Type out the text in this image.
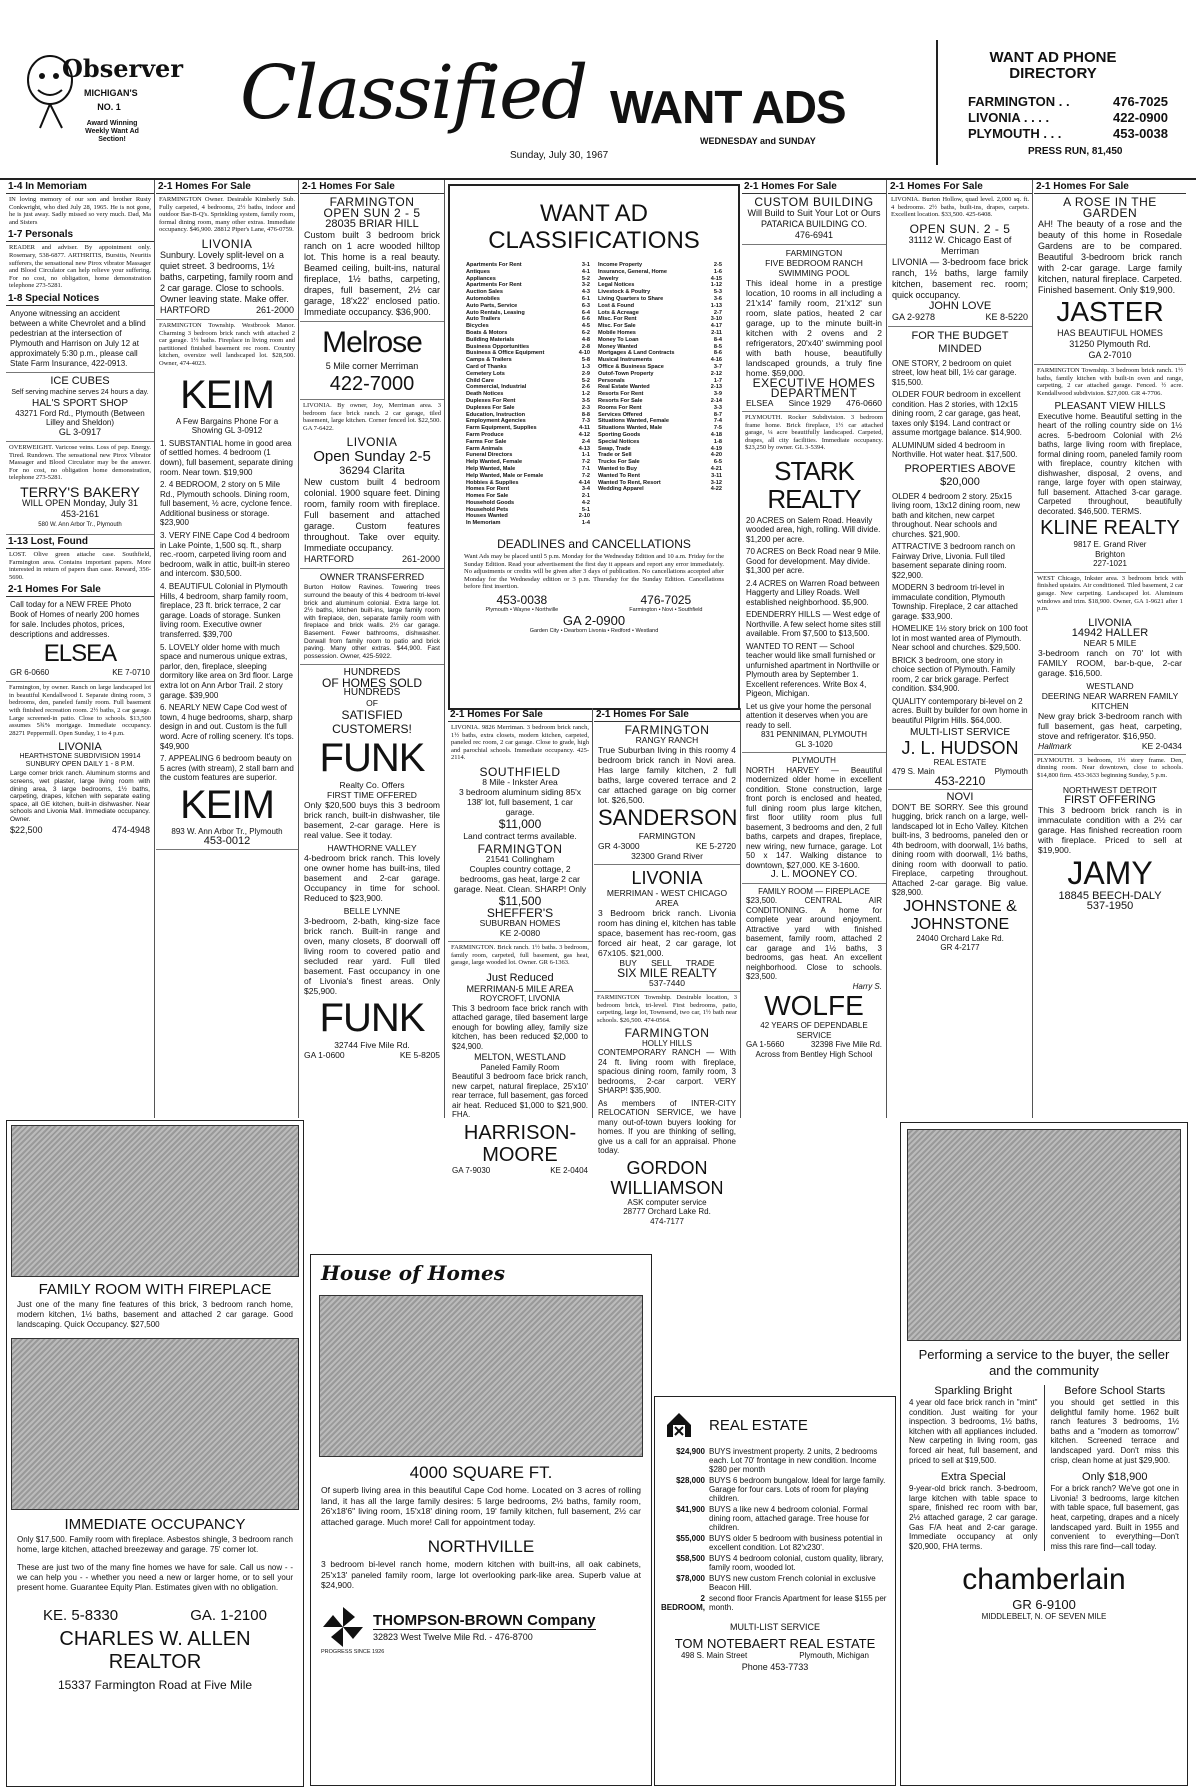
Observer
MICHIGAN'S NO. 1
Award Winning Weekly Want Ad Section!
Classified WANT ADS
WEDNESDAY and SUNDAY
Sunday, July 30, 1967
WANT AD PHONE DIRECTORY
FARMINGTON . .	476-7025
LIVONIA . . . .	422-0900
PLYMOUTH . . .	453-0038
PRESS RUN, 81,450
1-4 In Memoriam
IN loving memory of our son and brother Rusty Conkwright, who died July 28, 1965. He is not gone, he is just away. Sadly missed so very much. Dad, Ma and Sisters
1-7 Personals
READER and adviser. By appointment only. Rosemary, 538-6877. ARTHRITIS, Bursitis, Neuritis sufferers, the sensational new Pirox vibrator Massager and Blood Circulator can help relieve your suffering. For no cost, no obligation, home demonstration telephone 273-5281.
1-8 Special Notices
Anyone witnessing an accident between a white Chevrolet and a blind pedestrian at the intersection of Plymouth and Harrison on July 12 at approximately 5:30 p.m., please call State Farm Insurance, 422-0913.
ICE CUBES
Self serving machine serves 24 hours a day.
HAL'S SPORT SHOP
43271 Ford Rd., Plymouth (Between Lilley and Sheldon)
GL 3-0917
OVERWEIGHT. Varicose veins. Loss of pep. Energy. Tired. Rundown. The sensational new Pirox Vibrator Massager and Blood Circulator may be the answer. For no cost, no obligation home demonstration, telephone 273-5281.
TERRY'S BAKERY
WILL OPEN Monday, July 31
453-2161
580 W. Ann Arbor Tr., Plymouth
1-13 Lost, Found
LOST. Olive green attache case. Southfield, Farmington area. Contains important papers. More interested in return of papers than case. Reward, 356-5690.
2-1 Homes For Sale
Call today for a NEW FREE Photo Book of Homes of nearly 200 homes for sale. Includes photos, prices, descriptions and addresses.
ELSEA
GR 6-0660	KE 7-0710
Farmington, by owner. Ranch on large landscaped lot in beautiful Kendallwood I. Separate dining room, 3 bedrooms, den, paneled family room. Full basement with finished recreation room. 2½ baths, 2 car garage. Large screened-in patio. Close to schools. $13,500 assumes 5¾% mortgage. Immediate occupancy. 28271 Peppermill. Open Sunday, 1 to 4 p.m.
LIVONIA
HEARTHSTONE SUBDIVISION 19914 SUNBURY OPEN DAILY 1 - 8 P.M.
Large corner brick ranch. Aluminum storms and screens, wet plaster, large living room with dining area, 3 large bedrooms, 1½ baths, carpeting, drapes, kitchen with separate eating space, all GE kitchen, built-in dishwasher. Near schools and Livonia Mall. Immediate occupancy. Owner.
$22,500	474-4948
2-1 Homes For Sale
FARMINGTON Owner. Desirable Kimberly Sub. Fully carpeted, 4 bedrooms, 2½ baths, indoor and outdoor Bar-B-Q's. Sprinkling system, family room, formal dining room, many other extras. Immediate occupancy. $46,900. 28812 Piper's Lane, 476-0759.
LIVONIA
Sunbury. Lovely split-level on a quiet street. 3 bedrooms, 1½ baths, carpeting, family room and 2 car garage. Close to schools. Owner leaving state. Make offer.
HARTFORD	261-2000
FARMINGTON Township. Westbrook Manor. Charming 3 bedroom brick ranch with attached 2 car garage. 1½ baths. Fireplace in living room and partitioned finished basement rec room. Country kitchen, oversize well landscaped lot. $28,500. Owner, 474-4023.
KEIM
A Few Bargains Phone For a Showing GL 3-0912
1. SUBSTANTIAL home in good area of settled homes. 4 bedroom (1 down), full basement, separate dining room. Near town. $19,900
2. 4 BEDROOM, 2 story on 5 Mile Rd., Plymouth schools. Dining room, full basement, ½ acre, cyclone fence. Additional business or storage. $23,900
3. VERY FINE Cape Cod 4 bedroom in Lake Pointe, 1,500 sq. ft., sharp rec.-room, carpeted living room and bedroom, walk in attic, built-in stereo and intercom. $30,500.
4. BEAUTIFUL Colonial in Plymouth Hills, 4 bedroom, sharp family room, fireplace, 23 ft. brick terrace, 2 car garage. Loads of storage. Sunken living room. Executive owner transferred. $39,700
5. LOVELY older home with much space and numerous unique extras, parlor, den, fireplace, sleeping dormitory like area on 3rd floor. Large extra lot on Ann Arbor Trail. 2 story garage. $39,900
6. NEARLY NEW Cape Cod west of town, 4 huge bedrooms, sharp, sharp design in and out. Custom is the full word. Acre of rolling scenery. It's tops. $49,900
7. APPEALING 6 bedroom beauty on 5 acres (with stream), 2 stall barn and the custom features are superior.
KEIM
893 W. Ann Arbor Tr., Plymouth
453-0012
2-1 Homes For Sale
FARMINGTON
OPEN SUN 2 - 5
28035 BRIAR HILL
Custom built 3 bedroom brick ranch on 1 acre wooded hilltop lot. This home is a real beauty. Beamed ceiling, built-ins, natural fireplace, 1½ baths, carpeting, drapes, full basement, 2½ car garage, 18'x22' enclosed patio. Immediate occupancy. $36,900.
Melrose
5 Mile corner Merriman
422-7000
LIVONIA. By owner, Joy, Merriman area. 3 bedroom face brick ranch. 2 car garage, tiled basement, large kitchen. Corner fenced lot. $22,500. GA 7-6422.
LIVONIA
Open Sunday 2-5
36294 Clarita
New custom built 4 bedroom colonial. 1900 square feet. Dining room, family room with fireplace. Full basement and attached garage. Custom features throughout. Take over equity. Immediate occupancy.
HARTFORD	261-2000
OWNER TRANSFERRED
Burton Hollow Ravines. Towering trees surround the beauty of this 4 bedroom tri-level brick and aluminum colonial. Extra large lot. 2½ baths, kitchen built-ins, large family room with fireplace, den, separate family room with fireplace and brick walls. 2½ car garage. Basement. Fewer bathrooms, dishwasher. Dorwall from family room to patio and brick paving. Many other extras. $44,900. Fast possession. Owner, 425-5922.
HUNDREDS
OF HOMES SOLD
HUNDREDS
OF
SATISFIED CUSTOMERS!
FUNK
Realty Co. Offers
FIRST TIME OFFERED
Only $20,500 buys this 3 bedroom brick ranch, built-in dishwasher, tile basement, 2-car garage. Here is real value. See it today.
HAWTHORNE VALLEY
4-bedroom brick ranch. This lovely one owner home has built-ins, tiled basement and 2-car garage. Occupancy in time for school. Reduced to $23,900.
BELLE LYNNE
3-bedroom, 2-bath, king-size face brick ranch. Built-in range and oven, many closets, 8' doorwall off living room to covered patio and secluded rear yard. Full tiled basement. Fast occupancy in one of Livonia's finest areas. Only $25,900.
FUNK
32744 Five Mile Rd.
GA 1-0600	KE 5-8205
WANT AD CLASSIFICATIONS
Apartments For Rent	3-1
Antiques	4-1
Appliances	5-2
Apartments For Rent	3-2
Auction Sales	4-3
Automobiles	6-1
Auto Parts, Service	6-3
Auto Rentals, Leasing	6-4
Auto Trailers	6-6
Bicycles	4-5
Boats & Motors	6-2
Building Materials	4-8
Business Opportunities	2-8
Business & Office Equipment	4-10
Camps & Trailers	5-8
Card of Thanks	1-3
Cemetery Lots	2-9
Child Care	5-2
Commercial, Industrial	2-6
Death Notices	1-2
Duplexes For Rent	3-5
Duplexes For Sale	2-3
Education, Instruction	8-8
Employment Agencies	7-3
Farm Equipment, Supplies	4-11
Farm Produce	4-12
Farms For Sale	2-4
Farm Animals	4-13
Funeral Directors	1-1
Help Wanted, Female	7-2
Help Wanted, Male	7-1
Help Wanted, Male or Female	7-2
Hobbies & Supplies	4-14
Homes For Rent	3-4
Homes For Sale	2-1
Household Goods	4-2
Household Pets	5-1
Houses Wanted	2-10
In Memoriam	1-4
Income Property	2-5
Insurance, General, Home	1-6
Jewelry	4-15
Legal Notices	1-12
Livestock & Poultry	5-3
Living Quarters to Share	3-6
Lost & Found	1-13
Lots & Acreage	2-7
Misc. For Rent	3-10
Misc. For Sale	4-17
Mobile Homes	2-11
Money To Loan	8-4
Money Wanted	8-5
Mortgages & Land Contracts	8-6
Musical Instruments	4-16
Office & Business Space	3-7
Outof-Town Property	2-12
Personals	1-7
Real Estate Wanted	2-13
Resorts For Rent	3-9
Resorts For Sale	2-14
Rooms For Rent	3-3
Services Offered	8-7
Situations Wanted, Female	7-4
Situations Wanted, Male	7-5
Sporting Goods	4-18
Special Notices	1-8
Swap, Trade	4-19
Trade or Sell	4-20
Trucks For Sale	6-5
Wanted to Buy	4-21
Wanted To Rent	3-11
Wanted To Rent, Resort	3-12
Wedding Apparel	4-22
DEADLINES and CANCELLATIONS
Want Ads may be placed until 5 p.m. Monday for the Wednesday Edition and 10 a.m. Friday for the Sunday Edition. Read your advertisement the first day it appears and report any error immediately. No adjustments or credits will be given after 3 days of publication. No cancellations accepted after Monday for the Wednesday edition or 3 p.m. Thursday for the Sunday Edition. Cancellations before first insertion.
453-0038
Plymouth • Wayne • Northville
476-7025
Farmington • Novi • Southfield
GA 2-0900
Garden City • Dearborn Livonia • Redford • Westland
2-1 Homes For Sale
LIVONIA. 9826 Merriman. 3 bedroom brick ranch, 1½ baths, extra closets, modern kitchen, carpeted, paneled rec room, 2 car garage. Close to grade, high and parochial schools. Immediate occupancy. 425-2114.
SOUTHFIELD
8 Mile - Inkster Area
3 bedroom aluminum siding 85'x 138' lot, full basement, 1 car garage.
$11,000
Land contract terms available.
FARMINGTON
21541 Collingham
Couples country cottage, 2 bedrooms, gas heat, large 2 car garage. Neat. Clean. SHARP! Only
$11,500
SHEFFER'S
SUBURBAN HOMES
KE 2-0080
FARMINGTON. Brick ranch. 1½ baths. 3 bedroom, family room, carpeted, full basement, gas heat, garage, large wooded lot. Owner. GR 6-1363.
Just Reduced
MERRIMAN-5 MILE AREA
ROYCROFT, LIVONIA
This 3 bedroom face brick ranch with attached garage, tiled basement large enough for bowling alley, family size kitchen, has been reduced $2,000 to $24,900.
MELTON, WESTLAND
Paneled Family Room
Beautiful 3 bedroom face brick ranch, new carpet, natural fireplace, 25'x10' rear terrace, full basement, gas forced air heat. Reduced $1,000 to $21,900. FHA.
HARRISON-MOORE
GA 7-9030	KE 2-0404
2-1 Homes For Sale
FARMINGTON
RANGY RANCH
True Suburban living in this roomy 4 bedroom brick ranch in Novi area. Has large family kitchen, 2 full baths, large covered terrace and 2 car attached garage on big corner lot. $26,500.
SANDERSON
FARMINGTON
GR 4-3000	KE 5-2720
32300 Grand River
LIVONIA
MERRIMAN - WEST CHICAGO AREA
3 Bedroom brick ranch. Livonia room has dining el, kitchen has table space, basement has rec-room, gas forced air heat, 2 car garage, lot 67x105. $21,000.
BUY SELL TRADE
SIX MILE REALTY
537-7440
FARMINGTON Township. Desirable location, 3 bedroom brick, tri-level. First bedrooms, patio, carpeting, large lot, Townsend, two car, 1½ bath near schools. $26,500. 474-0564.
FARMINGTON
HOLLY HILLS
CONTEMPORARY RANCH — With 24 ft. living room with fireplace, spacious dining room, family room, 3 bedrooms, 2-car carport. VERY SHARP! $35,900.
As members of INTER-CITY RELOCATION SERVICE, we have many out-of-town buyers looking for homes. If you are thinking of selling, give us a call for an appraisal. Phone today.
GORDON WILLIAMSON
ASK computer service
28777 Orchard Lake Rd.
474-7177
2-1 Homes For Sale
CUSTOM BUILDING
Will Build to Suit Your Lot or Ours
PATARICA BUILDING CO.
476-6941
FARMINGTON
FIVE BEDROOM RANCH
SWIMMING POOL
This ideal home in a prestige location, 10 rooms in all including a 21'x14' family room, 21'x12' sun room, slate patios, heated 2 car garage, up to the minute built-in kitchen with 2 ovens and 2 refrigerators, 20'x40' swimming pool with bath house, beautifully landscaped grounds, a truly fine home. $59,000.
EXECUTIVE HOMES DEPARTMENT
ELSEA Since 1929 476-0660
PLYMOUTH. Rocker Subdivision. 3 bedroom frame home. Brick fireplace, 1½ car attached garage, ¼ acre beautifully landscaped. Carpeted, drapes, all city facilities. Immediate occupancy. $23,250 by owner. GL 3-5394.
STARK REALTY
20 ACRES on Salem Road. Heavily wooded area, high, rolling. Will divide. $1,200 per acre.
70 ACRES on Beck Road near 9 Mile. Good for development. May divide. $1,300 per acre.
2.4 ACRES on Warren Road between Haggerty and Lilley Roads. Well established neighborhood. $5,900.
EDENDERRY HILLS — West edge of Northville. A few select home sites still available. From $7,500 to $13,500.
WANTED TO RENT — School teacher would like small furnished or unfurnished apartment in Northville or Plymouth area by September 1. Excellent references. Write Box 4, Pigeon, Michigan.
Let us give your home the personal attention it deserves when you are ready to sell.
831 PENNIMAN, PLYMOUTH
GL 3-1020
PLYMOUTH
NORTH HARVEY — Beautiful modernized older home in excellent condition. Stone construction, large front porch is enclosed and heated, full dining room plus large kitchen, first floor utility room plus full basement, 3 bedrooms and den, 2 full baths, carpets and drapes, fireplace, new wiring, new furnace, garage. Lot 50 x 147. Walking distance to downtown, $27,000. KE 3-1600.
J. L. MOONEY CO.
FAMILY ROOM — FIREPLACE
$23,500. CENTRAL AIR CONDITIONING. A home for complete year around enjoyment. Attractive yard with finished basement, family room, attached 2 car garage and 1½ baths, 3 bedrooms, gas heat. An excellent neighborhood. Close to schools. $23,500.
Harry S.
WOLFE
42 YEARS OF DEPENDABLE SERVICE
GA 1-5660	32398 Five Mile Rd.
Across from Bentley High School
2-1 Homes For Sale
LIVONIA. Burton Hollow, quad level. 2,000 sq. ft. 4 bedrooms. 2½ baths, built-ins, drapes, carpets. Excellent location. $33,500. 425-6408.
OPEN SUN. 2 - 5
31112 W. Chicago East of Merriman
LIVONIA — 3-bedroom face brick ranch, 1½ baths, large family kitchen, basement rec. room; quick occupancy.
JOHN LOVE
GA 2-9278	KE 8-5220
FOR THE BUDGET MINDED
ONE STORY, 2 bedroom on quiet street, low heat bill, 1½ car garage. $15,500.
OLDER FOUR bedroom in excellent condition. Has 2 stories, with 12x15 dining room, 2 car garage, gas heat, taxes only $194. Land contract or assume mortgage balance. $14,900.
ALUMINUM sided 4 bedroom in Northville. Hot water heat. $17,500.
PROPERTIES ABOVE $20,000
OLDER 4 bedroom 2 story. 25x15 living room, 13x12 dining room, new bath and kitchen, new carpet throughout. Near schools and churches. $21,900.
ATTRACTIVE 3 bedroom ranch on Fairway Drive, Livonia. Full tiled basement separate dining room. $22,900.
MODERN 3 bedroom tri-level in immaculate condition, Plymouth Township. Fireplace, 2 car attached garage. $33,900.
HOMELIKE 1½ story brick on 100 foot lot in most wanted area of Plymouth. Near school and churches. $29,500.
BRICK 3 bedroom, one story in choice section of Plymouth. Family room, 2 car brick garage. Perfect condition. $34,900.
QUALITY contemporary bi-level on 2 acres. Built by builder for own home in beautiful Pilgrim Hills. $64,000.
MULTI-LIST SERVICE
J. L. HUDSON
REAL ESTATE
479 S. Main	Plymouth
453-2210
NOVI
DON'T BE SORRY. See this ground hugging, brick ranch on a large, well-landscaped lot in Echo Valley. Kitchen built-ins, 3 bedrooms, paneled den or 4th bedroom, with doorwall, 1½ baths, dining room with doorwall, 1½ baths, dining room with doorwall to patio. Fireplace, carpeting throughout. Attached 2-car garage. Big value. $28,900.
JOHNSTONE & JOHNSTONE
24040 Orchard Lake Rd.
GR 4-2177
2-1 Homes For Sale
A ROSE IN THE GARDEN
AH! The beauty of a rose and the beauty of this home in Rosedale Gardens are to be compared. Beautiful 3-bedroom brick ranch with 2-car garage. Large family kitchen, natural fireplace. Carpeted. Finished basement. Only $19,900.
JASTER
HAS BEAUTIFUL HOMES
31250 Plymouth Rd.
GA 2-7010
FARMINGTON Township. 3 bedroom brick ranch. 1½ baths, family kitchen with built-in oven and range, carpeting, 2 car attached garage. Fenced. ½ acre. Kendallwood subdivision. $27,000. GR 4-7706.
PLEASANT VIEW HILLS
Executive home. Beautiful setting in the heart of the rolling country side on 1½ acres. 5-bedroom Colonial with 2½ baths, large living room with fireplace, formal dining room, paneled family room with fireplace, country kitchen with dishwasher, disposal, 2 ovens, and range, large foyer with open stairway, full basement. Attached 3-car garage. Carpeted throughout, beautifully decorated. $46,500. TERMS.
KLINE REALTY
9817 E. Grand River
Brighton
227-1021
WEST Chicago, Inkster area. 3 bedroom brick with finished upstairs. Air conditioned. Tiled basement, 2 car garage. New carpeting. Landscaped lot. Aluminum windows and trim. $18,900. Owner, GA 1-9621 after 1 p.m.
LIVONIA
14942 HALLER
NEAR 5 MILE
3-bedroom ranch on 70' lot with FAMILY ROOM, bar-b-que, 2-car garage. $16,500.
WESTLAND
DEERING NEAR WARREN FAMILY KITCHEN
New gray brick 3-bedroom ranch with full basement, gas heat, carpeting, stove and refrigerator. $16,950.
Hallmark	KE 2-0434
PLYMOUTH. 3 bedroom, 1½ story frame. Den, dinning room. Near downtown, close to schools. $14,800 firm. 453-3633 beginning Sunday, 5 p.m.
NORTHWEST DETROIT
FIRST OFFERING
This 3 bedroom brick ranch is in immaculate condition with a 2½ car garage. Has finished recreation room with fireplace. Priced to sell at $19,900.
JAMY
18845 BEECH-DALY
537-1950
FAMILY ROOM WITH FIREPLACE
Just one of the many fine features of this brick, 3 bedroom ranch home, modern kitchen, 1½ baths, basement and attached 2 car garage. Good landscaping. Quick Occupancy. $27,500
IMMEDIATE OCCUPANCY
Only $17,500. Family room with fireplace. Asbestos shingle, 3 bedroom ranch home, large kitchen, attached breezeway and garage. 75' corner lot.
These are just two of the many fine homes we have for sale. Call us now - - we can help you - - whether you need a new or larger home, or to sell your present home. Guarantee Equity Plan. Estimates given with no obligation.
KE. 5-8330	GA. 1-2100
CHARLES W. ALLEN
REALTOR
15337 Farmington Road at Five Mile
House of Homes
4000 SQUARE FT.
Of superb living area in this beautiful Cape Cod home. Located on 3 acres of rolling land, it has all the large family desires: 5 large bedrooms, 2½ baths, family room, 26'x18'6" living room, 15'x18' dining room, 19' family kitchen, full basement, 2½ car attached garage. Much more! Call for appointment today.
NORTHVILLE
3 bedroom bi-level ranch home, modern kitchen with built-ins, all oak cabinets, 25'x13' paneled family room, large lot overlooking park-like area. Superb value at $24,900.
THOMPSON-BROWN Company
32823 West Twelve Mile Rd. - 476-8700
PROGRESS SINCE 1926
REAL ESTATE
$24,900 BUYS investment property. 2 units, 2 bedrooms each. Lot 70' frontage in new condition. Income $280 per month
$28,000 BUYS 6 bedroom bungalow. Ideal for large family. Garage for four cars. Lots of room for playing children.
$41,900 BUYS a like new 4 bedroom colonial. Formal dining room, attached garage. Tree house for children.
$55,000 BUYS older 5 bedroom with business potential in excellent condition. Lot 82'x230'.
$58,500 BUYS 4 bedroom colonial, custom quality, library, family room, wooded lot.
$78,000 BUYS new custom French colonial in exclusive Beacon Hill.
2 BEDROOM,
second floor Francis Apartment for lease $155 per month.
MULTI-LIST SERVICE
TOM NOTEBAERT REAL ESTATE
498 S. Main Street	Plymouth, Michigan
Phone 453-7733
Performing a service to the buyer, the seller and the community
Sparkling Bright
4 year old face brick ranch in "mint" condition. Just waiting for your inspection. 3 bedrooms, 1½ baths, kitchen with all appliances included. New carpeting in living room, gas forced air heat, full basement, and priced to sell at $19,500.
Extra Special
9-year-old brick ranch. 3-bedroom, large kitchen with table space to spare, finished rec room with bar, 2½ attached garage, 2 car garage. Gas F/A heat and 2-car garage. Immediate occupancy at only $20,900, FHA terms.
Before School Starts
you should get settled in this delightful family home. 1962 built ranch features 3 bedrooms, 1½ baths and a "modern as tomorrow" kitchen. Screened terrace and landscaped yard. Don't miss this crisp, clean home at just $29,900.
Only $18,900
For a brick ranch? We've got one in Livonia! 3 bedrooms, large kitchen with table space, full basement, gas heat, carpeting, drapes and a nicely landscaped yard. Built in 1955 and convenient to everything—Don't miss this rare find—call today.
chamberlain
GR 6-9100
MIDDLEBELT, N. OF SEVEN MILE
